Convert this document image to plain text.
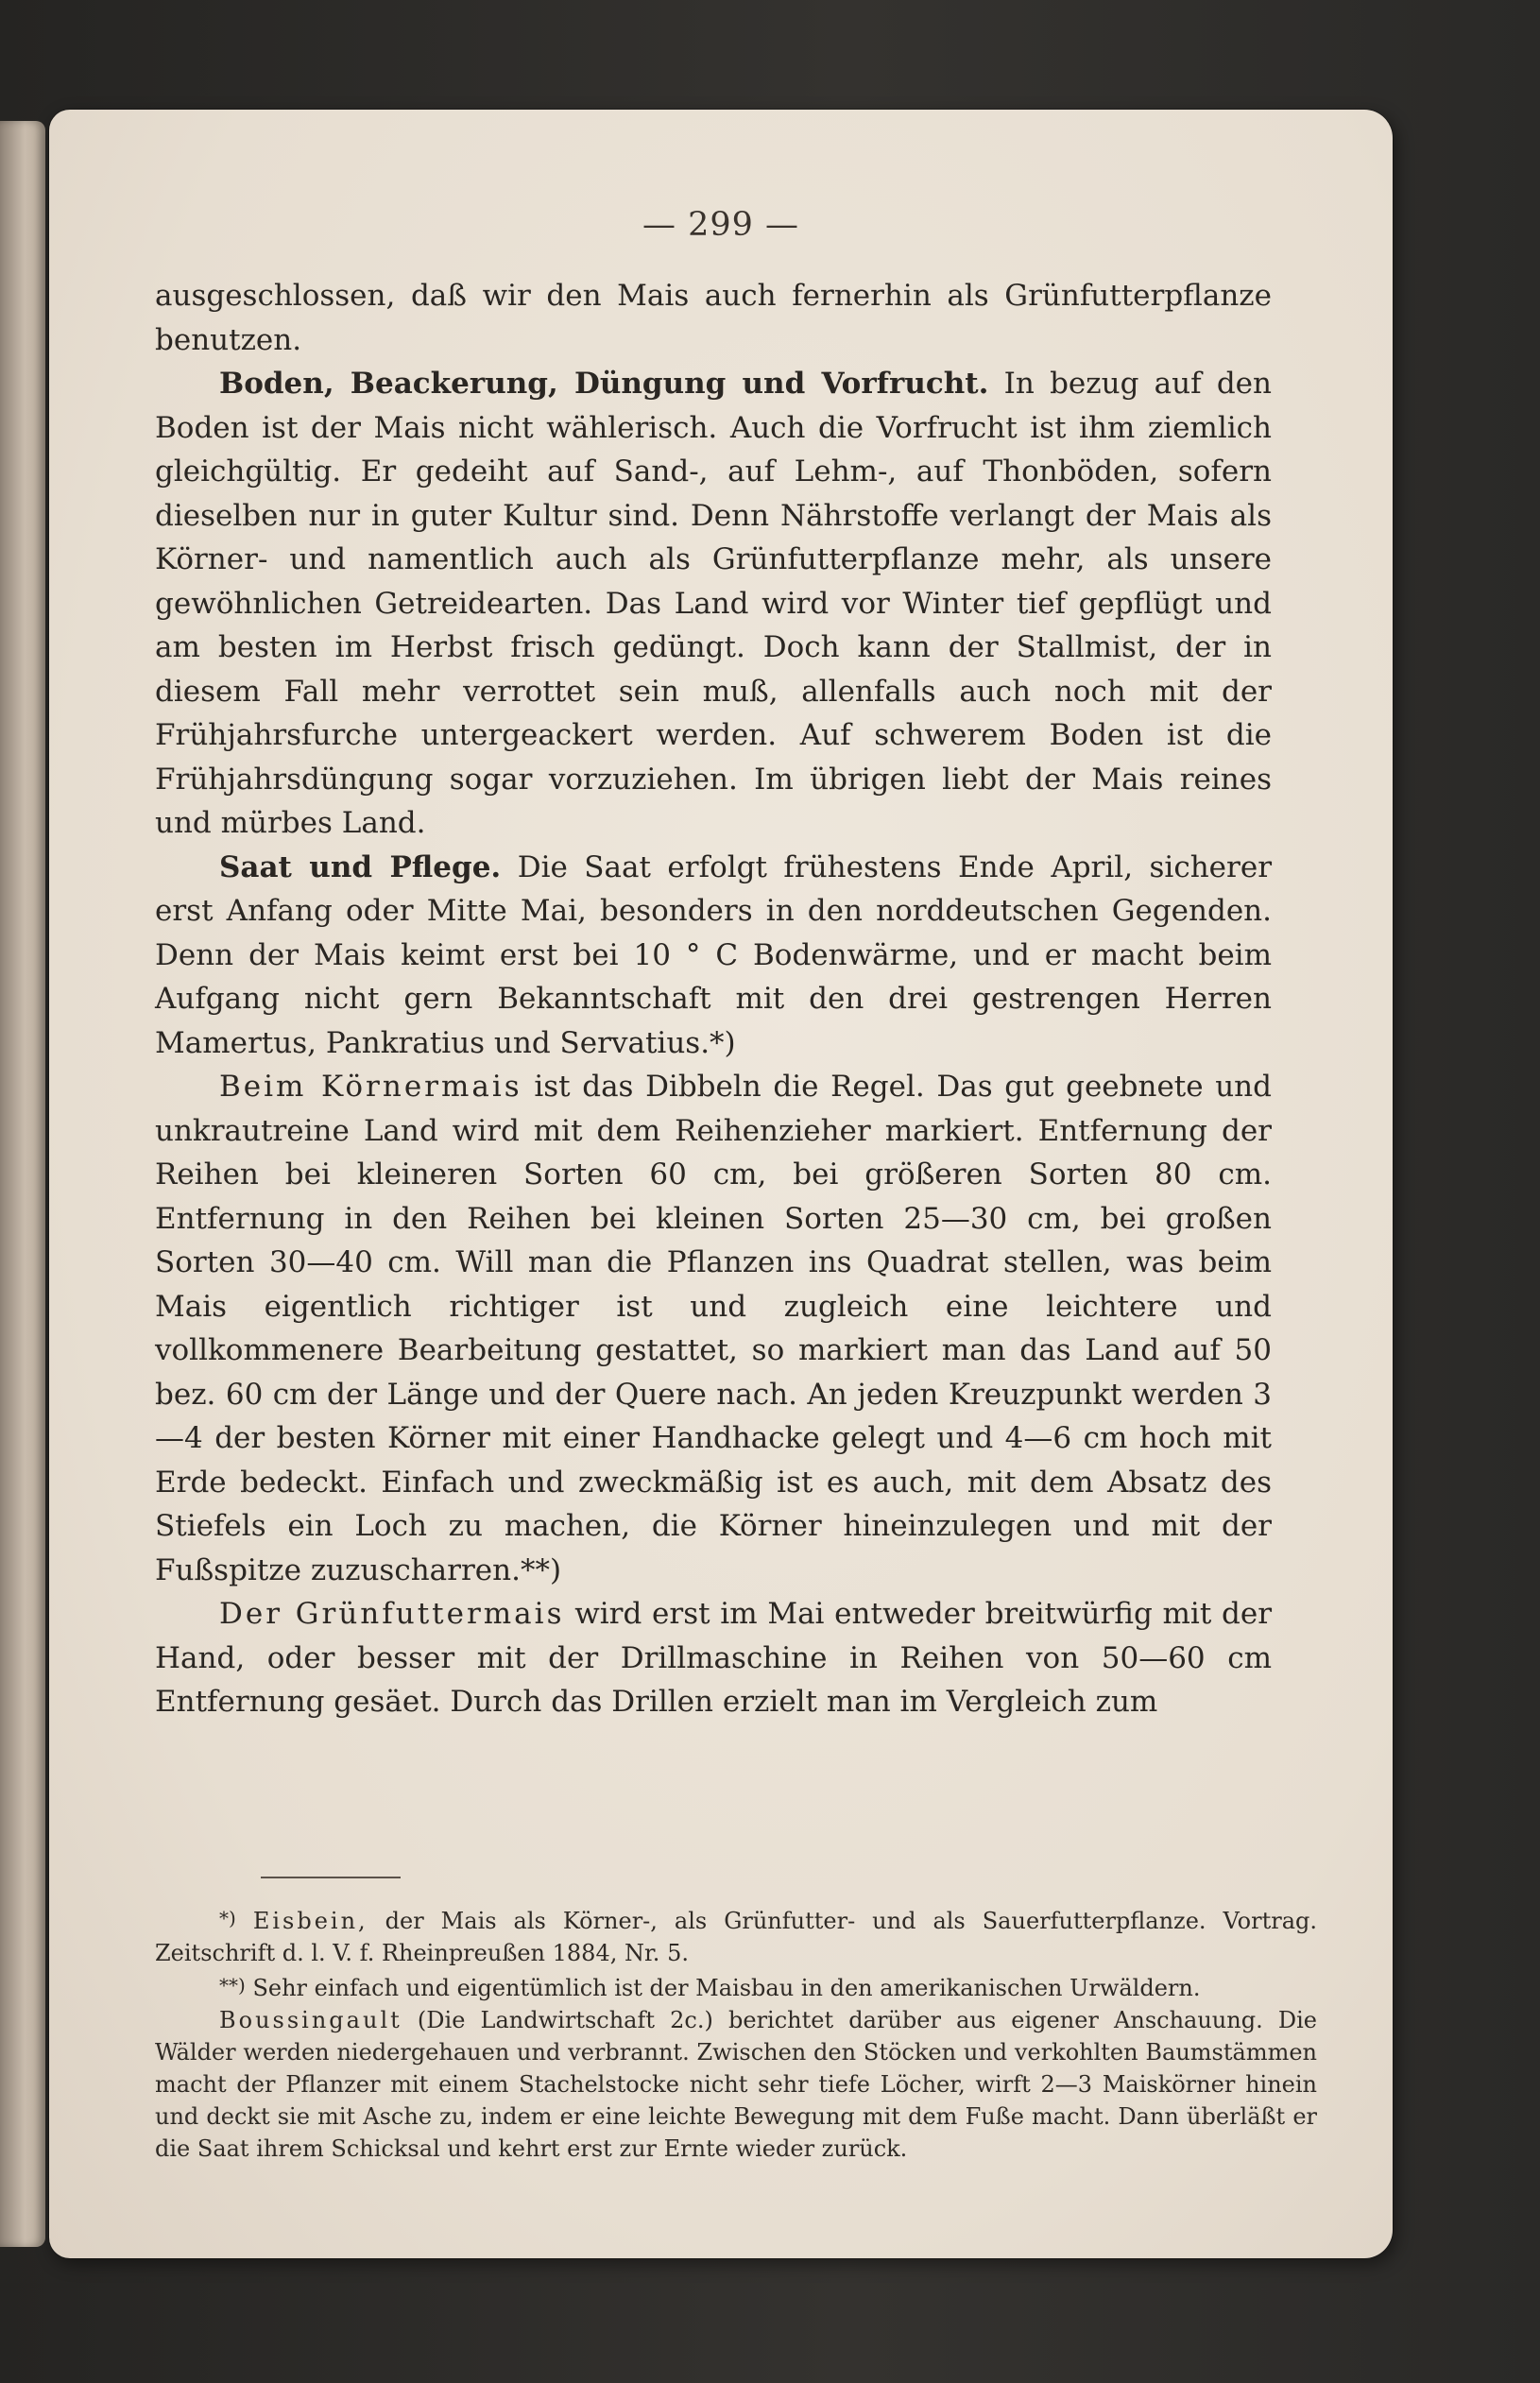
— 299 —

ausgeschlossen, daß wir den Mais auch fernerhin als Grünfutterpflanze benutzen.

Boden, Beackerung, Düngung und Vorfrucht. In bezug auf den Boden ist der Mais nicht wählerisch. Auch die Vorfrucht ist ihm ziemlich gleichgültig. Er gedeiht auf Sand-, auf Lehm-, auf Thonböden, sofern dieselben nur in guter Kultur sind. Denn Nährstoffe verlangt der Mais als Körner- und namentlich auch als Grünfutterpflanze mehr, als unsere gewöhnlichen Getreidearten. Das Land wird vor Winter tief gepflügt und am besten im Herbst frisch gedüngt. Doch kann der Stallmist, der in diesem Fall mehr verrottet sein muß, allenfalls auch noch mit der Frühjahrsfurche untergeackert werden. Auf schwerem Boden ist die Frühjahrsdüngung sogar vorzuziehen. Im übrigen liebt der Mais reines und mürbes Land.

Saat und Pflege. Die Saat erfolgt frühestens Ende April, sicherer erst Anfang oder Mitte Mai, besonders in den norddeutschen Gegenden. Denn der Mais keimt erst bei 10 ° C Bodenwärme, und er macht beim Aufgang nicht gern Bekanntschaft mit den drei gestrengen Herren Mamertus, Pankratius und Servatius.*)

Beim Körnermais ist das Dibbeln die Regel. Das gut geebnete und unkrautreine Land wird mit dem Reihenzieher markiert. Entfernung der Reihen bei kleineren Sorten 60 cm, bei größeren Sorten 80 cm. Entfernung in den Reihen bei kleinen Sorten 25—30 cm, bei großen Sorten 30—40 cm. Will man die Pflanzen ins Quadrat stellen, was beim Mais eigentlich richtiger ist und zugleich eine leichtere und vollkommenere Bearbeitung gestattet, so markiert man das Land auf 50 bez. 60 cm der Länge und der Quere nach. An jeden Kreuzpunkt werden 3—4 der besten Körner mit einer Handhacke gelegt und 4—6 cm hoch mit Erde bedeckt. Einfach und zweckmäßig ist es auch, mit dem Absatz des Stiefels ein Loch zu machen, die Körner hineinzulegen und mit der Fußspitze zuzuscharren.**)

Der Grünfuttermais wird erst im Mai entweder breitwürfig mit der Hand, oder besser mit der Drillmaschine in Reihen von 50—60 cm Entfernung gesäet. Durch das Drillen erzielt man im Vergleich zum

*) Eisbein, der Mais als Körner-, als Grünfutter- und als Sauerfutterpflanze. Vortrag. Zeitschrift d. l. V. f. Rheinpreußen 1884, Nr. 5.

**) Sehr einfach und eigentümlich ist der Maisbau in den amerikanischen Urwäldern.

Boussingault (Die Landwirtschaft 2c.) berichtet darüber aus eigener Anschauung. Die Wälder werden niedergehauen und verbrannt. Zwischen den Stöcken und verkohlten Baumstämmen macht der Pflanzer mit einem Stachelstocke nicht sehr tiefe Löcher, wirft 2—3 Maiskörner hinein und deckt sie mit Asche zu, indem er eine leichte Bewegung mit dem Fuße macht. Dann überläßt er die Saat ihrem Schicksal und kehrt erst zur Ernte wieder zurück.
